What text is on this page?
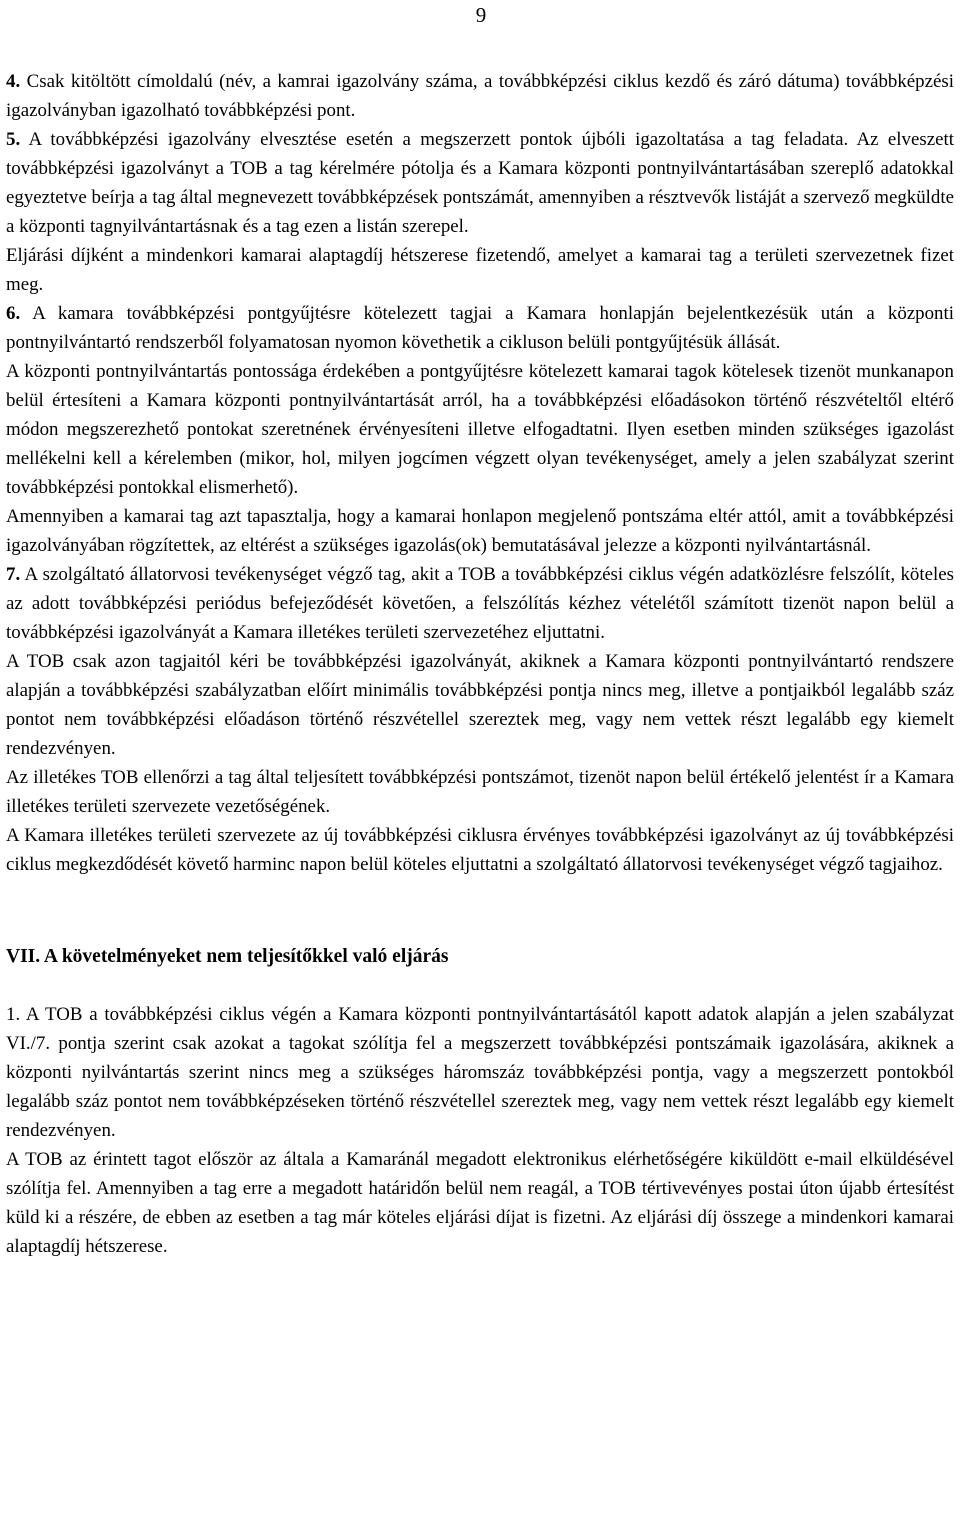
9

4. Csak kitöltött címoldalú (név, a kamrai igazolvány száma, a továbbképzési ciklus kezdő és záró dátuma) továbbképzési igazolványban igazolható továbbképzési pont.

5. A továbbképzési igazolvány elvesztése esetén a megszerzett pontok újbóli igazoltatása a tag feladata. Az elveszett továbbképzési igazolványt a TOB a tag kérelmére pótolja és a Kamara központi pontnyilvántartásában szereplő adatokkal egyeztetve beírja a tag által megnevezett továbbképzések pontszámát, amennyiben a résztvevők listáját a szervező megküldte a központi tagnyilvántartásnak és a tag ezen a listán szerepel.

Eljárási díjként a mindenkori kamarai alaptagdíj hétszerese fizetendő, amelyet a kamarai tag a területi szervezetnek fizet meg.

6. A kamara továbbképzési pontgyűjtésre kötelezett tagjai a Kamara honlapján bejelentkezésük után a központi pontnyilvántartó rendszerből folyamatosan nyomon követhetik a cikluson belüli pontgyűjtésük állását.

A központi pontnyilvántartás pontossága érdekében a pontgyűjtésre kötelezett kamarai tagok kötelesek tizenöt munkanapon belül értesíteni a Kamara központi pontnyilvántartását arról, ha a továbbképzési előadásokon történő részvételtől eltérő módon megszerezhető pontokat szeretnének érvényesíteni illetve elfogadtatni. Ilyen esetben minden szükséges igazolást mellékelni kell a kérelemben (mikor, hol, milyen jogcímen végzett olyan tevékenységet, amely a jelen szabályzat szerint továbbképzési pontokkal elismerhető).

Amennyiben a kamarai tag azt tapasztalja, hogy a kamarai honlapon megjelenő pontszáma eltér attól, amit a továbbképzési igazolványában rögzítettek, az eltérést a szükséges igazolás(ok) bemutatásával jelezze a központi nyilvántartásnál.

7. A szolgáltató állatorvosi tevékenységet végző tag, akit a TOB a továbbképzési ciklus végén adatközlésre felszólít, köteles az adott továbbképzési periódus befejeződését követően, a felszólítás kézhez vételétől számított tizenöt napon belül a továbbképzési igazolványát a Kamara illetékes területi szervezetéhez eljuttatni.

A TOB csak azon tagjaitól kéri be továbbképzési igazolványát, akiknek a Kamara központi pontnyilvántartó rendszere alapján a továbbképzési szabályzatban előírt minimális továbbképzési pontja nincs meg, illetve a pontjaikból legalább száz pontot nem továbbképzési előadáson történő részvétellel szereztek meg, vagy nem vettek részt legalább egy kiemelt rendezvényen.

Az illetékes TOB ellenőrzi a tag által teljesített továbbképzési pontszámot, tizenöt napon belül értékelő jelentést ír a Kamara illetékes területi szervezete vezetőségének.

A Kamara illetékes területi szervezete az új továbbképzési ciklusra érvényes továbbképzési igazolványt az új továbbképzési ciklus megkezdődését követő harminc napon belül köteles eljuttatni a szolgáltató állatorvosi tevékenységet végző tagjaihoz.

VII. A követelményeket nem teljesítőkkel való eljárás

1. A TOB a továbbképzési ciklus végén a Kamara központi pontnyilvántartásától kapott adatok alapján a jelen szabályzat VI./7. pontja szerint csak azokat a tagokat szólítja fel a megszerzett továbbképzési pontszámaik igazolására, akiknek a központi nyilvántartás szerint nincs meg a szükséges háromszáz továbbképzési pontja, vagy a megszerzett pontokból legalább száz pontot nem továbbképzéseken történő részvétellel szereztek meg, vagy nem vettek részt legalább egy kiemelt rendezvényen.

A TOB az érintett tagot először az általa a Kamaránál megadott elektronikus elérhetőségére kiküldött e-mail elküldésével szólítja fel. Amennyiben a tag erre a megadott határidőn belül nem reagál, a TOB tértivevényes postai úton újabb értesítést küld ki a részére, de ebben az esetben a tag már köteles eljárási díjat is fizetni. Az eljárási díj összege a mindenkori kamarai alaptagdíj hétszerese.
